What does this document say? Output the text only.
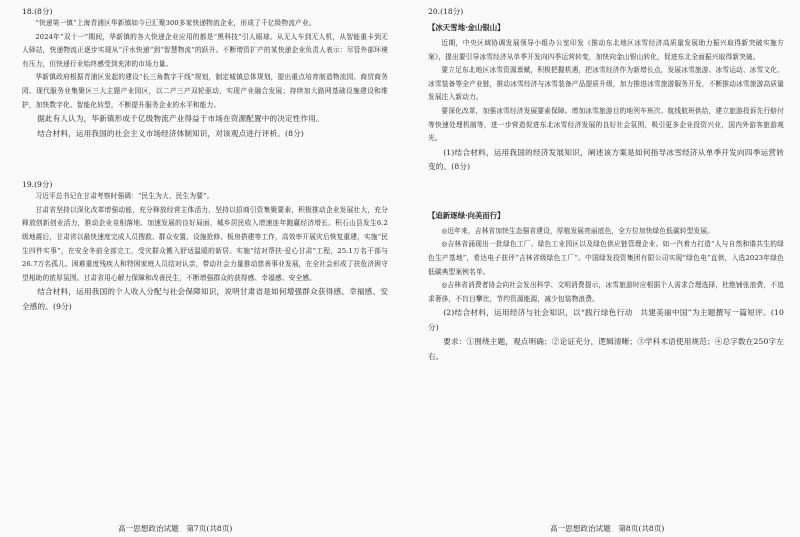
18.(8分)

“快递第一镇”上海青浦区华新镇如今已汇聚300多家快递物流企业，形成了千亿级物流产业。

2024年“双十一”期间，华新镇的各大快递企业应用的都是“黑科技”引人眼球。从无人车到无人机，从智能重卡到无人驿站，快递物流正逐步实现从“汗水快递”到“智慧物流”的跃升。不断增资扩产的某快递企业负责人表示：尽管外部环境有压力，但快递行业始终感受到充沛的市场力量。

华新镇政府根据青浦区发起的建设“长三角数字干线”规划，制定城镇总体规划，提出重点培育制造物流园、商贸商务园、现代服务业集聚区三大主题产业园区，以二产三产双轮驱动，实现产业融合发展；持续加大路网基础设施建设和维护，加快数字化、智能化转型，不断提升服务企业的水平和能力。

据此有人认为，华新镇形成千亿级物流产业得益于市场在资源配置中的决定性作用。

结合材料，运用我国的社会主义市场经济体制知识，对该观点进行评析。(8分)

19.(9分)

习近平总书记在甘肃考察时强调：“民生为大、民生为要”。

甘肃省坚持以深化改革增强动能，充分释放经营主体活力，坚持以招商引资集聚要素，积极推动企业发展壮大，充分释放创新创业活力，推动企业竞相落地、加速发展的良好局面，城乡居民收入增速连年跑赢经济增长。积石山县发生6.2级地震后，甘肃省以最快速度完成人员搜救、群众安置、设施抢修、板房搭建等工作，高效率开展灾后恢复重建，实施“民生四件实事”，在安全冬前全部完工，受灾群众搬入舒适温暖的新居。实施“结对帮扶·爱心甘肃”工程，25.1万名干部与26.7万名孤儿、困难重度残疾人和特困家庭人员结对认亲，带动社会力量推动慈善事业发展，在全社会形成了扶危济困守望相助的浓厚氛围。甘肃省用心解力保障和改善民生，不断增强群众的获得感、幸福感、安全感。

结合材料，运用我国的个人收入分配与社会保障知识，说明甘肃省是如何增强群众获得感、幸福感、安全感的。(9分)

高一思想政治试题　第7页(共8页)

20.(18分)

【冰天雪地·金山银山】

近期，中央区域协调发展领导小组办公室印发《推动东北地区冰雪经济高质量发展助力振兴取得新突破实施方案》，提出要引导冰雪经济从单季开发向四季运营转变，加快向金山银山转化，促进东北全面振兴取得新突破。

要立足东北地区冰雪资源禀赋，积极把握机遇，把冰雪经济作为新增长点，发展冰雪旅游、冰雪运动、冰雪文化、冰雪装备等全产业链，推动冰雪经济与冰雪装备产品提质升级，加力推进冰雪旅游服务开发，不断推动冰雪旅游高质量发展注入新动力。

要深化改革，加强冰雪经济发展要素保障。增加冰雪旅游目的地列车班次、航线航班供给，建立旅游投诉先行赔付等快速处理机制等，进一步营造促进东北冰雪经济发展的良好社会氛围，吸引更多企业投资兴业，国内外游客旅游观光。

(1)结合材料，运用我国的经济发展知识，阐述该方案是如何指导冰雪经济从单季开发向四季运营转变的。(8分)

【追新逐绿·向美而行】

◎近年来，吉林省加快生态强省建设，厚植发展亮丽底色，全方位加快绿色低碳转型发展。

◎吉林省涌现出一批绿色工厂、绿色工业园区以及绿色供应链管理企业。如一汽着力打造“人与自然和谐共生的绿色生产基地”，希达电子获评“吉林省级绿色工厂”。中国绿发投资集团有限公司实现“绿色电”直供，入选2023年绿色低碳典型案例名单。

◎吉林省消费者协会向社会发出科学、文明消费提示，冰雪旅游时应根据个人需求合理选择，杜绝铺张浪费，不追求奢侈，不盲目攀比，节约资源能源，减少包装物浪费。

(2)结合材料，运用经济与社会知识，以“践行绿色行动　共建美丽中国”为主题撰写一篇短评。(10分)

要求：①围绕主题，观点明确；②论证充分，逻辑清晰；③学科术语使用规范；④总字数在250字左右。

高一思想政治试题　第8页(共8页)
